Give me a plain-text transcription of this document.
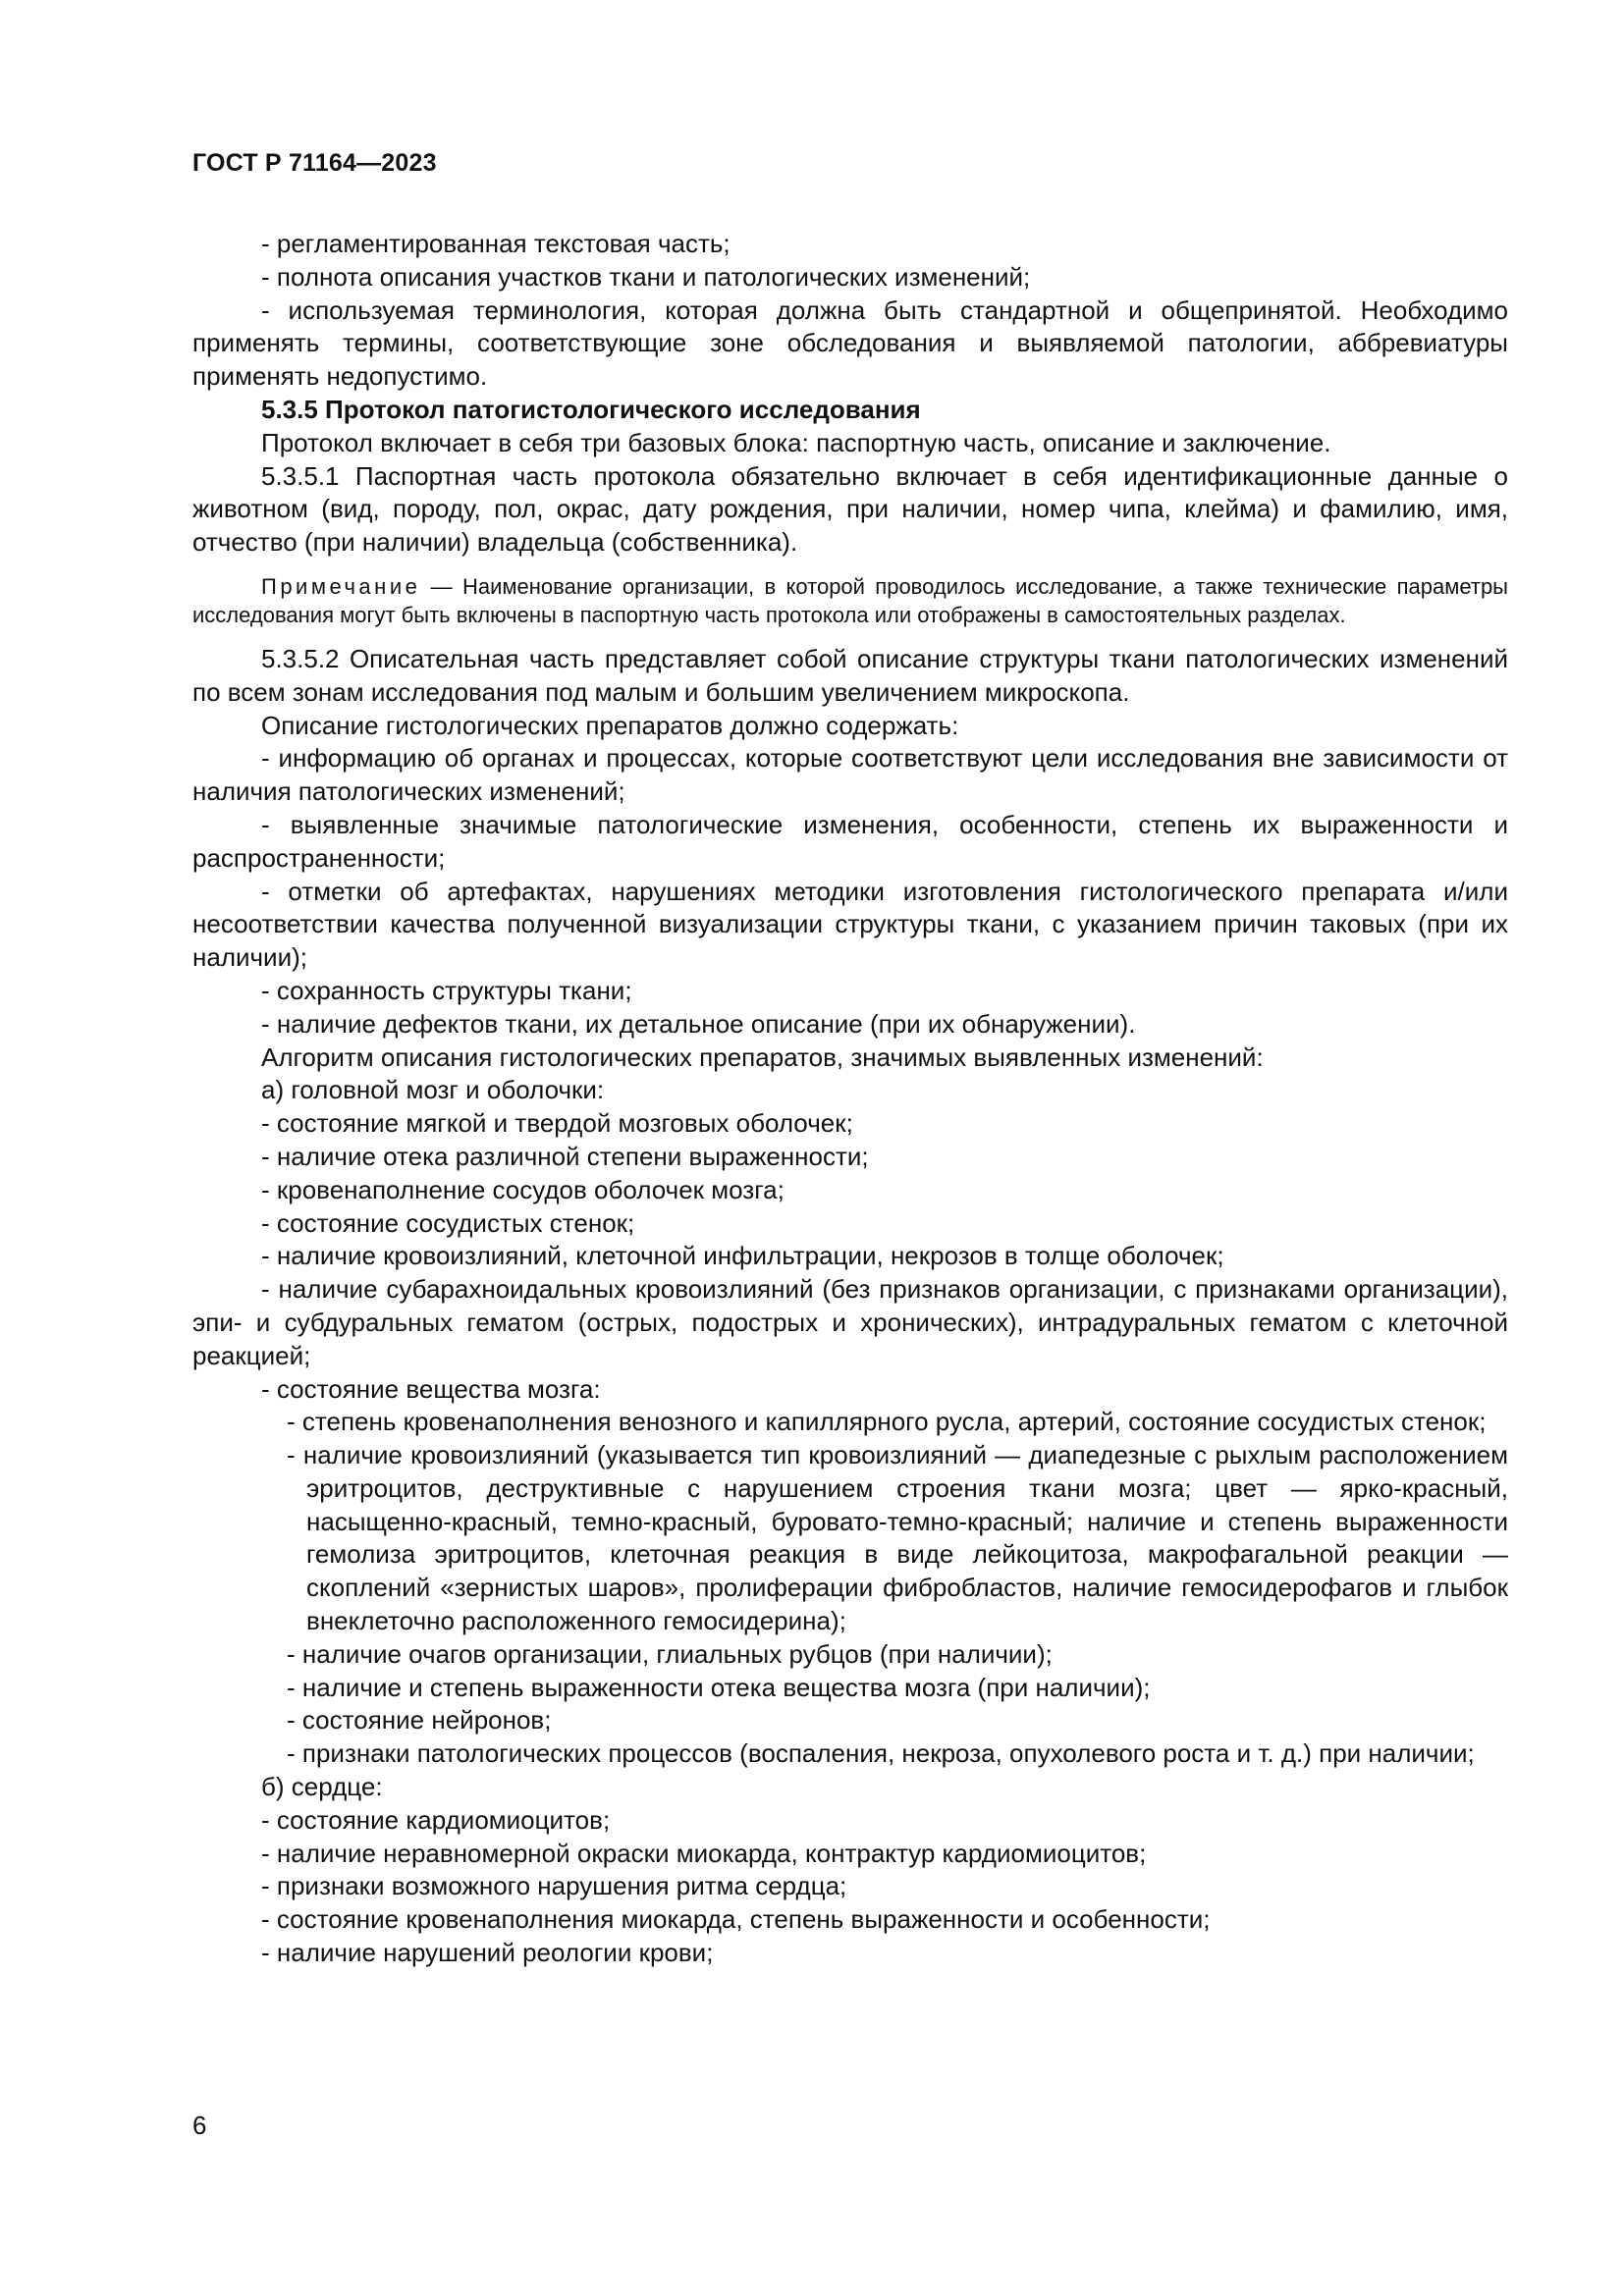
ГОСТ Р 71164—2023

- регламентированная текстовая часть;

- полнота описания участков ткани и патологических изменений;

- используемая терминология, которая должна быть стандартной и общепринятой. Необходимо применять термины, соответствующие зоне обследования и выявляемой патологии, аббревиатуры применять недопустимо.

5.3.5 Протокол патогистологического исследования

Протокол включает в себя три базовых блока: паспортную часть, описание и заключение.

5.3.5.1 Паспортная часть протокола обязательно включает в себя идентификационные данные о животном (вид, породу, пол, окрас, дату рождения, при наличии, номер чипа, клейма) и фамилию, имя, отчество (при наличии) владельца (собственника).

Примечание — Наименование организации, в которой проводилось исследование, а также технические параметры исследования могут быть включены в паспортную часть протокола или отображены в самостоятельных разделах.

5.3.5.2 Описательная часть представляет собой описание структуры ткани патологических изменений по всем зонам исследования под малым и большим увеличением микроскопа.

Описание гистологических препаратов должно содержать:

- информацию об органах и процессах, которые соответствуют цели исследования вне зависимости от наличия патологических изменений;

- выявленные значимые патологические изменения, особенности, степень их выраженности и распространенности;

- отметки об артефактах, нарушениях методики изготовления гистологического препарата и/или несоответствии качества полученной визуализации структуры ткани, с указанием причин таковых (при их наличии);

- сохранность структуры ткани;

- наличие дефектов ткани, их детальное описание (при их обнаружении).

Алгоритм описания гистологических препаратов, значимых выявленных изменений:

а) головной мозг и оболочки:

- состояние мягкой и твердой мозговых оболочек;

- наличие отека различной степени выраженности;

- кровенаполнение сосудов оболочек мозга;

- состояние сосудистых стенок;

- наличие кровоизлияний, клеточной инфильтрации, некрозов в толще оболочек;

- наличие субарахноидальных кровоизлияний (без признаков организации, с признаками организации), эпи- и субдуральных гематом (острых, подострых и хронических), интрадуральных гематом с клеточной реакцией;

- состояние вещества мозга:

- степень кровенаполнения венозного и капиллярного русла, артерий, состояние сосудистых стенок;

- наличие кровоизлияний (указывается тип кровоизлияний — диапедезные с рыхлым расположением эритроцитов, деструктивные с нарушением строения ткани мозга; цвет — ярко-красный, насыщенно-красный, темно-красный, буровато-темно-красный; наличие и степень выраженности гемолиза эритроцитов, клеточная реакция в виде лейкоцитоза, макрофагальной реакции — скоплений «зернистых шаров», пролиферации фибробластов, наличие гемосидерофагов и глыбок внеклеточно расположенного гемосидерина);

- наличие очагов организации, глиальных рубцов (при наличии);

- наличие и степень выраженности отека вещества мозга (при наличии);

- состояние нейронов;

- признаки патологических процессов (воспаления, некроза, опухолевого роста и т. д.) при наличии;

б) сердце:

- состояние кардиомиоцитов;

- наличие неравномерной окраски миокарда, контрактур кардиомиоцитов;

- признаки возможного нарушения ритма сердца;

- состояние кровенаполнения миокарда, степень выраженности и особенности;

- наличие нарушений реологии крови;

6
